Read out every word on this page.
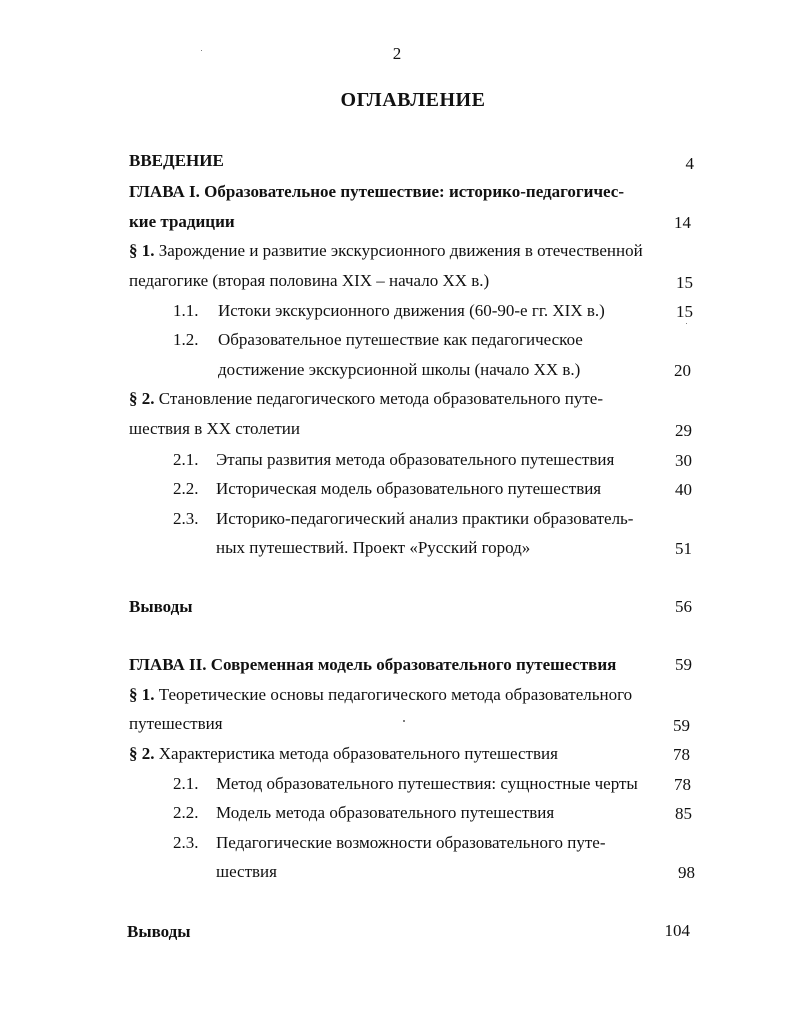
2
ОГЛАВЛЕНИЕ
ВВЕДЕНИЕ	4
ГЛАВА I. Образовательное путешествие: историко-педагогичес-
кие традиции	14
§ 1. Зарождение и развитие экскурсионного движения в отечественной
педагогике (вторая половина XIX – начало XX в.)	15
1.1. Истоки экскурсионного движения (60-90-е гг. XIX в.)	15
1.2. Образовательное путешествие как педагогическое
достижение экскурсионной школы (начало XX в.)	20
§ 2. Становление педагогического метода образовательного путе-
шествия в XX столетии	29
2.1. Этапы развития метода образовательного путешествия	30
2.2. Историческая модель образовательного путешествия	40
2.3. Историко-педагогический анализ практики образователь-
ных путешествий. Проект «Русский город»	51
Выводы	56
ГЛАВА II. Современная модель образовательного путешествия	59
§ 1. Теоретические основы педагогического метода образовательного
путешествия	59
§ 2. Характеристика метода образовательного путешествия	78
2.1. Метод образовательного путешествия: сущностные черты	78
2.2. Модель метода образовательного путешествия	85
2.3. Педагогические возможности образовательного путе-
шествия	98
Выводы	104
